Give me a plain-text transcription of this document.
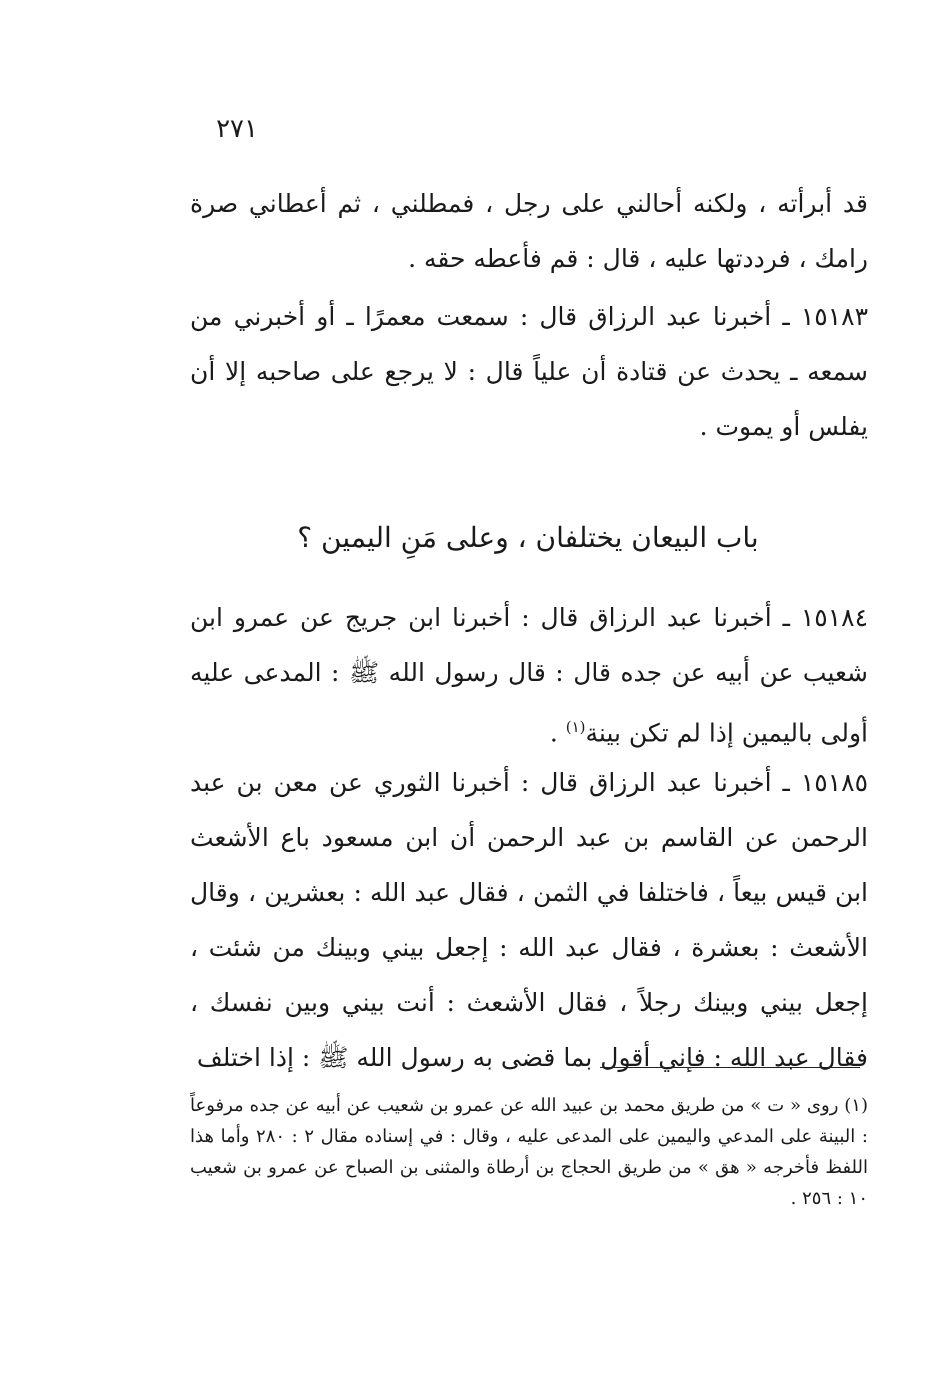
٢٧١

قد أبرأته ، ولكنه أحالني على رجل ، فمطلني ، ثم أعطاني صرة رامك ، فرددتها عليه ، قال : قم فأعطه حقه .

١٥١٨٣ ـ أخبرنا عبد الرزاق قال : سمعت معمرًا ـ أو أخبرني من سمعه ـ يحدث عن قتادة أن علياً قال : لا يرجع على صاحبه إلا أن يفلس أو يموت .

باب البيعان يختلفان ، وعلى مَنِ اليمين ؟

١٥١٨٤ ـ أخبرنا عبد الرزاق قال : أخبرنا ابن جريج عن عمرو ابن شعيب عن أبيه عن جده قال : قال رسول الله ﷺ : المدعى عليه أولى باليمين إذا لم تكن بينة$^{(١)}$ .

١٥١٨٥ ـ أخبرنا عبد الرزاق قال : أخبرنا الثوري عن معن بن عبد الرحمن عن القاسم بن عبد الرحمن أن ابن مسعود باع الأشعث ابن قيس بيعاً ، فاختلفا في الثمن ، فقال عبد الله : بعشرين ، وقال الأشعث : بعشرة ، فقال عبد الله : إجعل بيني وبينك من شئت ، إجعل بيني وبينك رجلاً ، فقال الأشعث : أنت بيني وبين نفسك ، فقال عبد الله : فإني أقول بما قضى به رسول الله ﷺ : إذا اختلف

(١) روى « ت » من طريق محمد بن عبيد الله عن عمرو بن شعيب عن أبيه عن جده مرفوعاً : البينة على المدعي واليمين على المدعى عليه ، وقال : في إسناده مقال ٢ : ٢٨٠ وأما هذا اللفظ فأخرجه « هق » من طريق الحجاج بن أرطاة والمثنى بن الصباح عن عمرو بن شعيب ١٠ : ٢٥٦ .
